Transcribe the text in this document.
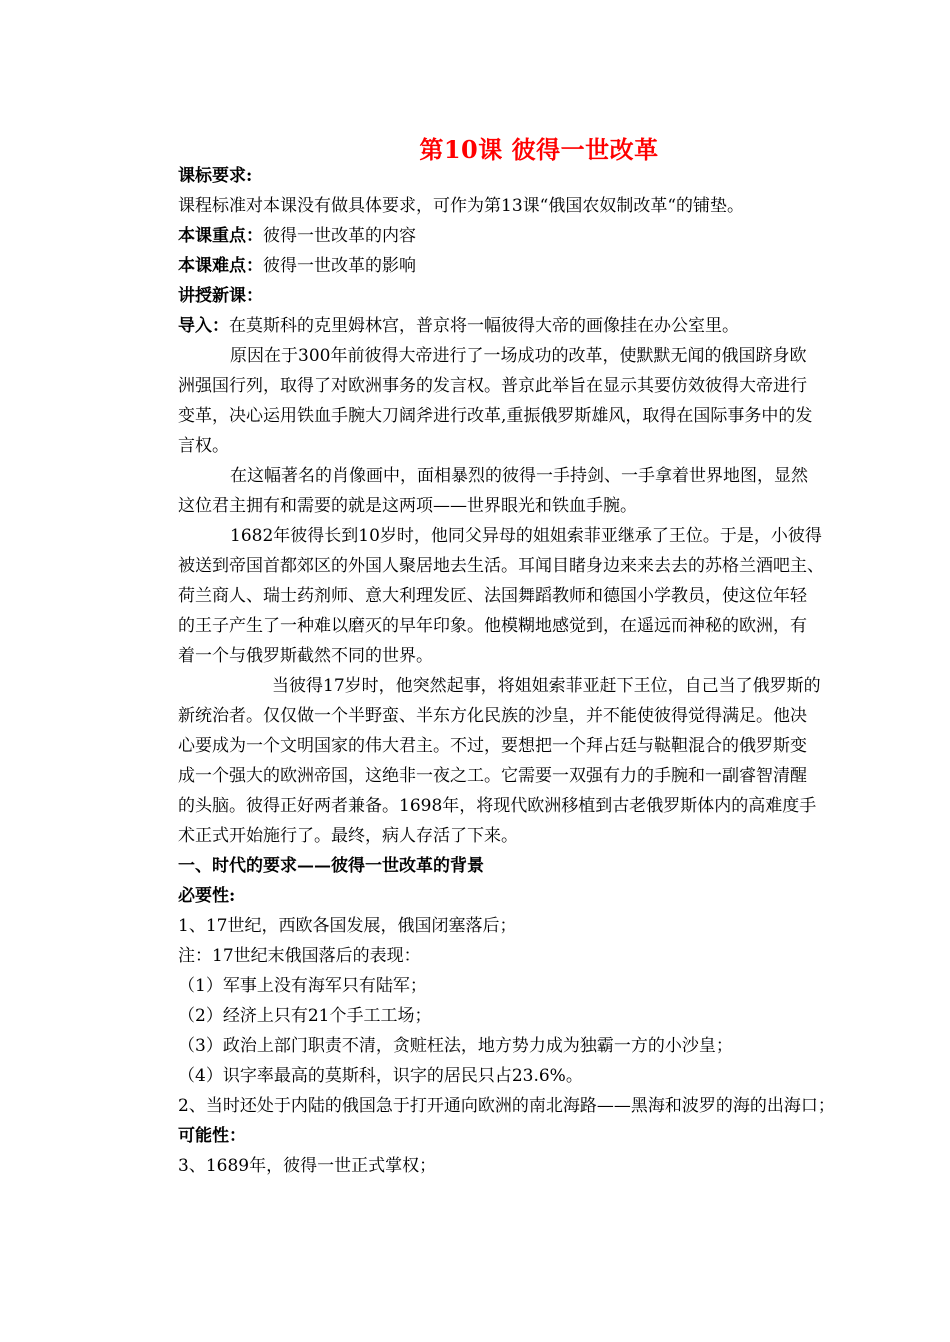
第10课 彼得一世改革
课标要求:
课程标准对本课没有做具体要求，可作为第13课“俄国农奴制改革“的铺垫。
本课重点：彼得一世改革的内容
本课难点：彼得一世改革的影响
讲授新课：
导入：在莫斯科的克里姆林宫，普京将一幅彼得大帝的画像挂在办公室里。
原因在于300年前彼得大帝进行了一场成功的改革，使默默无闻的俄国跻身欧
洲强国行列，取得了对欧洲事务的发言权。普京此举旨在显示其要仿效彼得大帝进行
变革，决心运用铁血手腕大刀阔斧进行改革,重振俄罗斯雄风，取得在国际事务中的发
言权。
在这幅著名的肖像画中，面相暴烈的彼得一手持剑、一手拿着世界地图，显然
这位君主拥有和需要的就是这两项——世界眼光和铁血手腕。
1682年彼得长到10岁时，他同父异母的姐姐索菲亚继承了王位。于是，小彼得
被送到帝国首都郊区的外国人聚居地去生活。耳闻目睹身边来来去去的苏格兰酒吧主、
荷兰商人、瑞士药剂师、意大利理发匠、法国舞蹈教师和德国小学教员，使这位年轻
的王子产生了一种难以磨灭的早年印象。他模糊地感觉到，在遥远而神秘的欧洲，有
着一个与俄罗斯截然不同的世界。
当彼得17岁时，他突然起事，将姐姐索菲亚赶下王位，自己当了俄罗斯的
新统治者。仅仅做一个半野蛮、半东方化民族的沙皇，并不能使彼得觉得满足。他决
心要成为一个文明国家的伟大君主。不过，要想把一个拜占廷与鞑靼混合的俄罗斯变
成一个强大的欧洲帝国，这绝非一夜之工。它需要一双强有力的手腕和一副睿智清醒
的头脑。彼得正好两者兼备。1698年，将现代欧洲移植到古老俄罗斯体内的高难度手
术正式开始施行了。最终，病人存活了下来。
一、时代的要求——彼得一世改革的背景
必要性:
1、17世纪，西欧各国发展，俄国闭塞落后；
注：17世纪末俄国落后的表现：
（1）军事上没有海军只有陆军；
（2）经济上只有21个手工工场；
（3）政治上部门职责不清，贪赃枉法，地方势力成为独霸一方的小沙皇；
（4）识字率最高的莫斯科，识字的居民只占23.6%。
2、当时还处于内陆的俄国急于打开通向欧洲的南北海路——黑海和波罗的海的出海口；
可能性：
3、1689年，彼得一世正式掌权；
